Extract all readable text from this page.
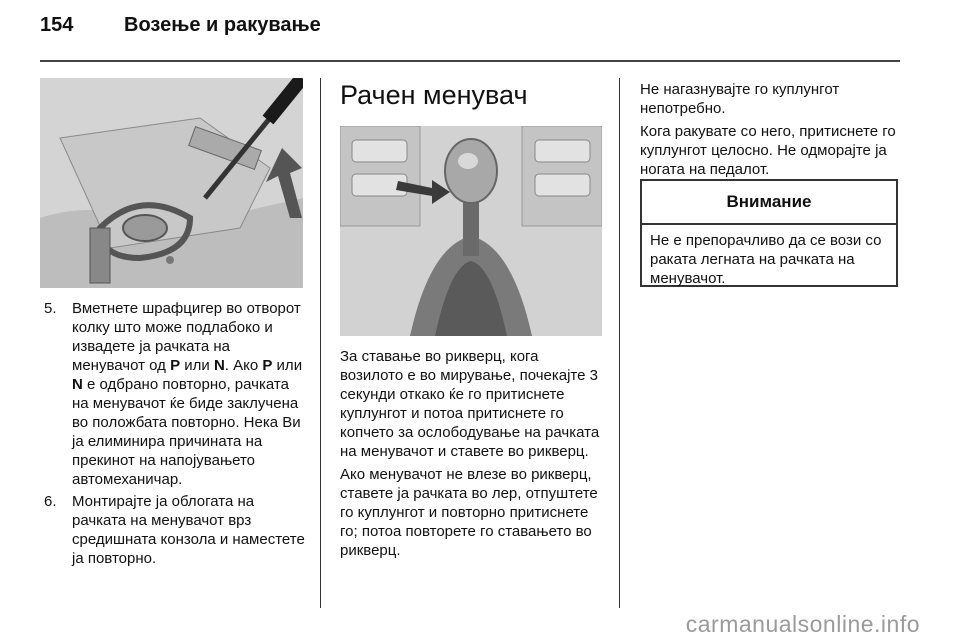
154	Возење и ракување
5. Вметнете шрафцигер во отворот колку што може подлабоко и извадете ја рачката на менувачот од P или N. Ако P или N е одбрано повторно, рачката на менувачот ќе биде заклучена во положбата повторно. Нека Ви ја елиминира причината на прекинот на напојувањето автомеханичар.
6. Монтирајте ја облогата на рачката на менувачот врз средишната конзола и наместете ја повторно.
Рачен менувач

За ставање во рикверц, кога возилото е во мирување, почекајте 3 секунди откако ќе го притиснете куплунгот и потоа притиснете го копчето за ослободување на рачката на менувачот и ставете во рикверц.

Ако менувачот не влезе во рикверц, ставете ја рачката во лер, отпуштете го куплунгот и повторно притиснете го; потоа повторете го ставањето во рикверц.

Не нагазнувајте го куплунгот непотребно.

Кога ракувате со него, притиснете го куплунгот целосно. Не одморајте ја ногата на педалот.

Внимание
Не е препорачливо да се вози со раката легната на рачката на менувачот.
carmanualsonline.info
